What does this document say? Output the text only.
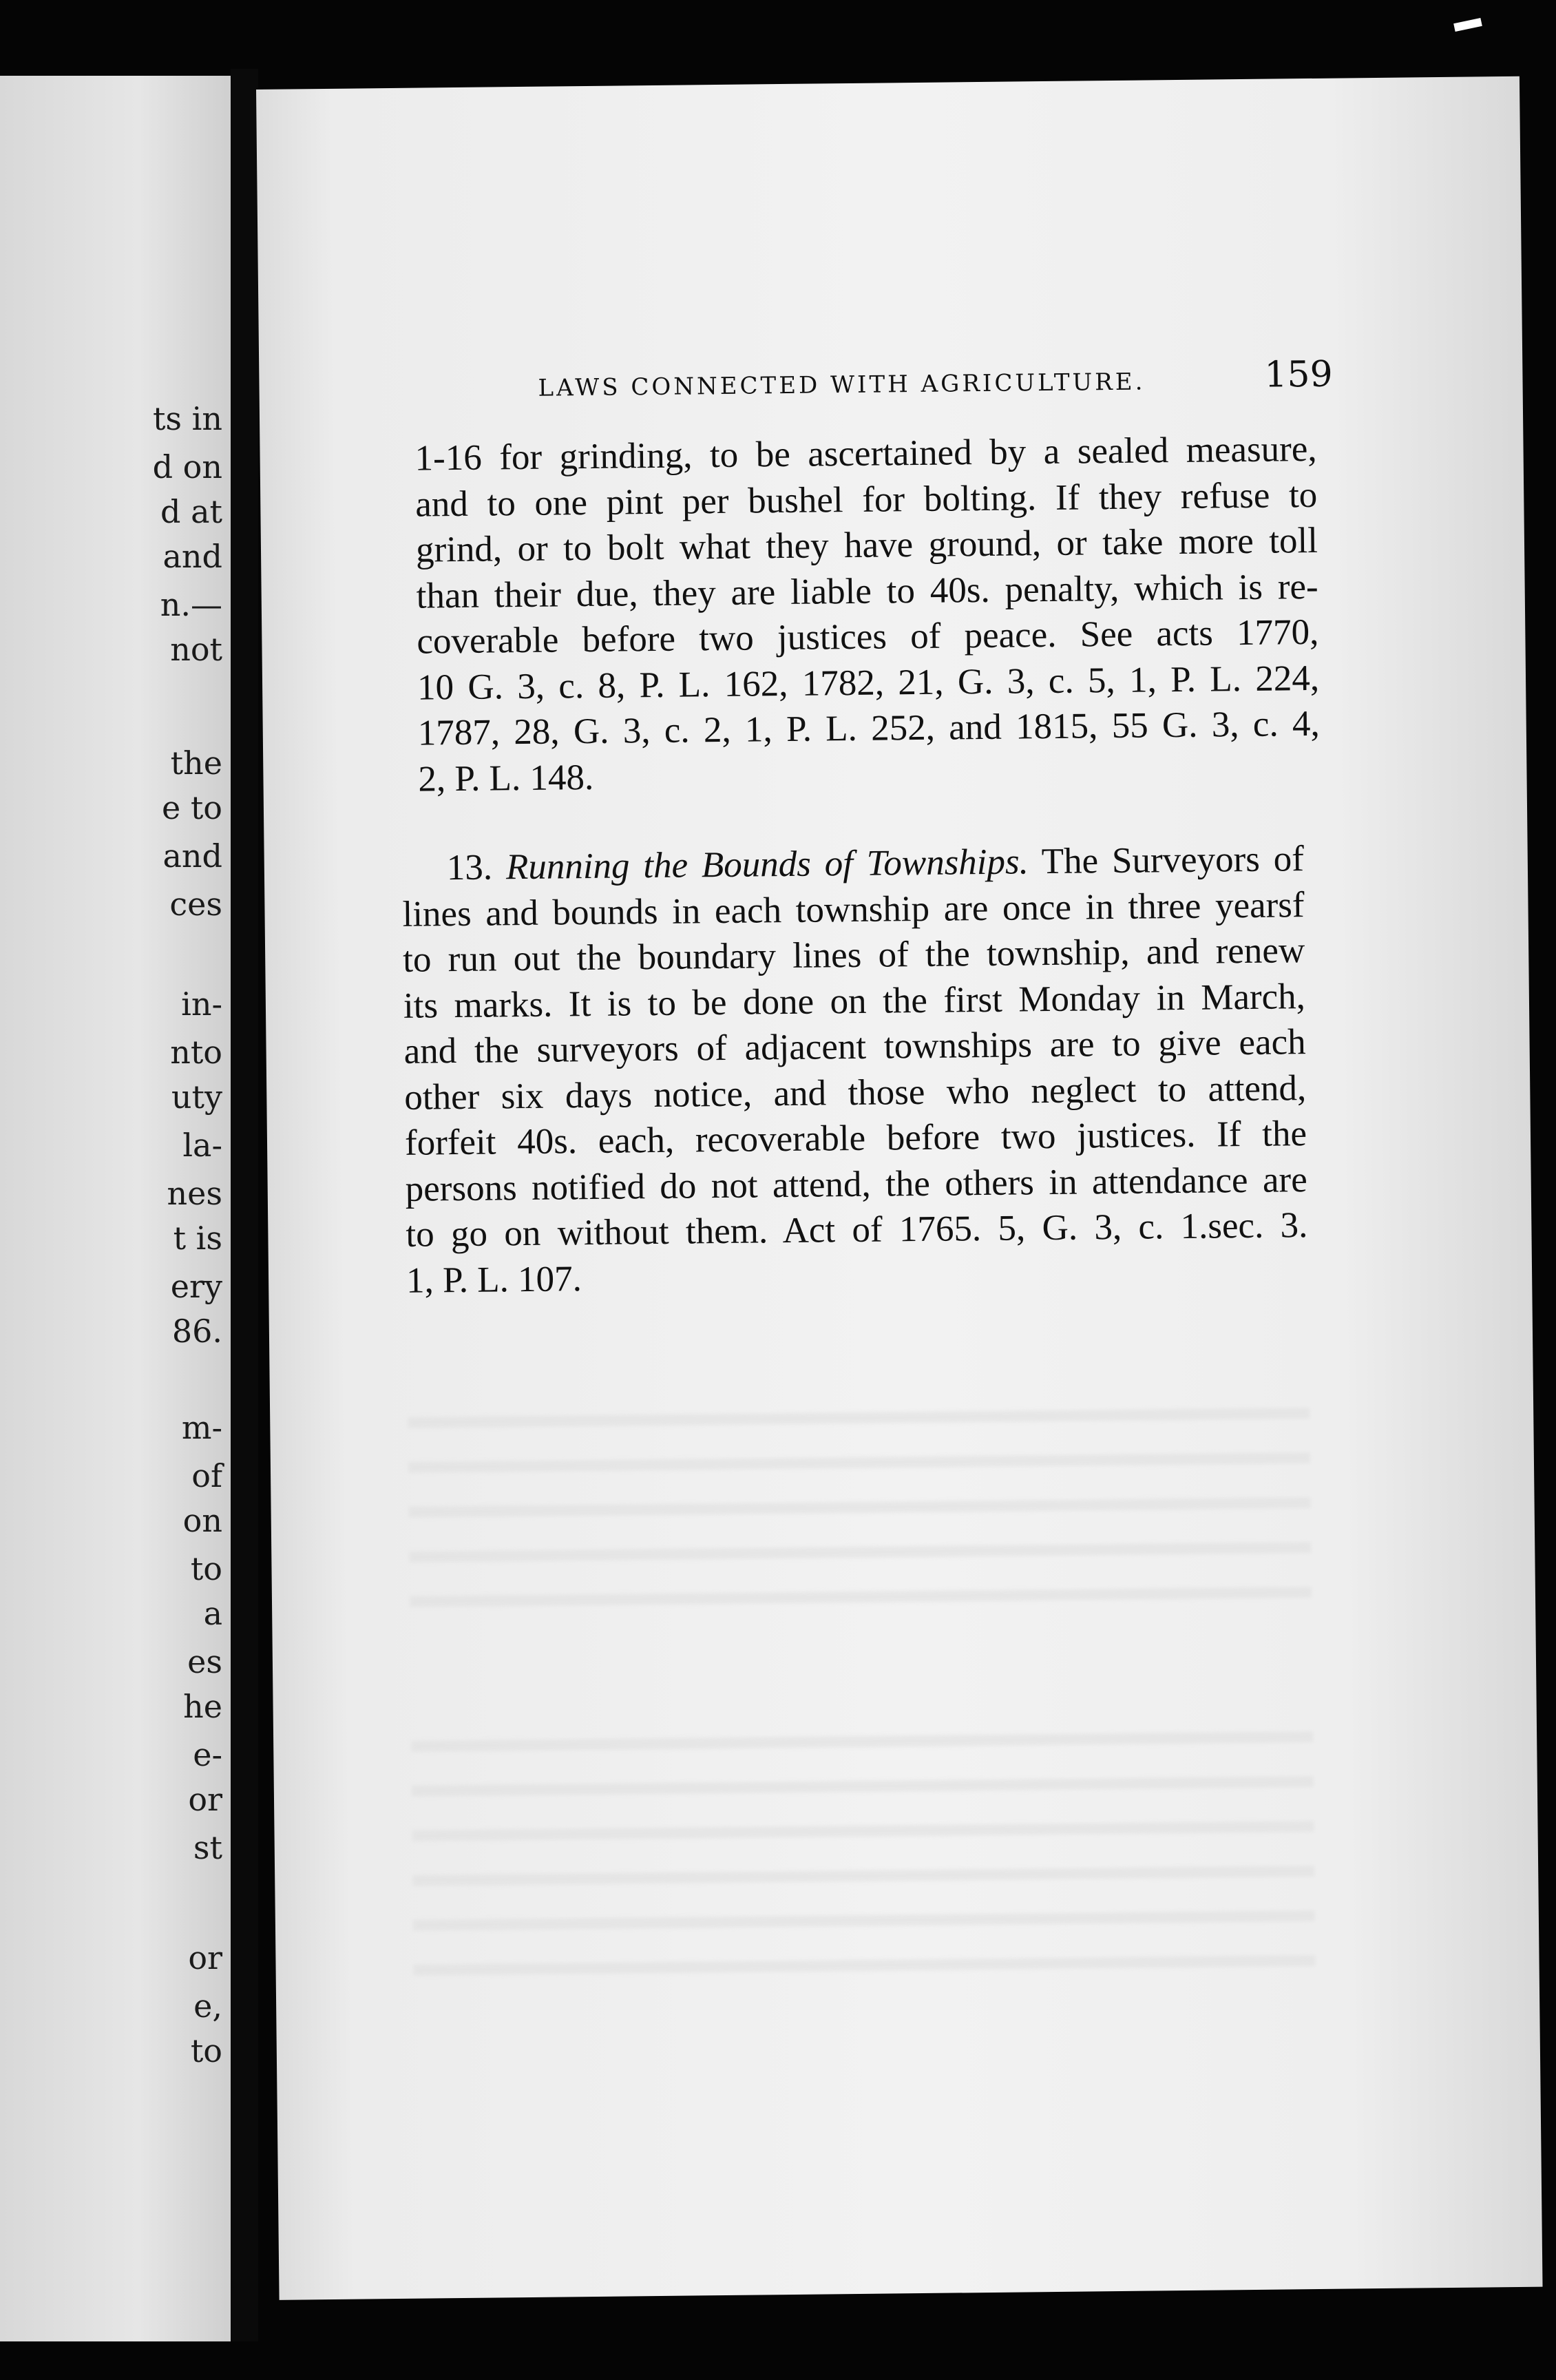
ts in
d on
d at
and
n.—
not
the
e to
and
ces
in-
nto
uty
la-
nes
t is
ery
86.
m-
of
on
to
a
es
he
e-
or
st
or
e,
to
LAWS CONNECTED WITH AGRICULTURE.	159
1-16 for grinding, to be ascertained by a sealed measure,
and to one pint per bushel for bolting. If they refuse to
grind, or to bolt what they have ground, or take more toll
than their due, they are liable to 40s. penalty, which is re-
coverable before two justices of peace. See acts 1770,
10 G. 3, c. 8, P. L. 162, 1782, 21, G. 3, c. 5, 1, P. L. 224,
1787, 28, G. 3, c. 2, 1, P. L. 252, and 1815, 55 G. 3, c. 4,
2, P. L. 148.
13. Running the Bounds of Townships. The Surveyors of
lines and bounds in each township are once in three yearsf
to run out the boundary lines of the township, and renew
its marks. It is to be done on the first Monday in March,
and the surveyors of adjacent townships are to give each
other six days notice, and those who neglect to attend,
forfeit 40s. each, recoverable before two justices. If the
persons notified do not attend, the others in attendance are
to go on without them. Act of 1765. 5, G. 3, c. 1.sec. 3.
1, P. L. 107.
